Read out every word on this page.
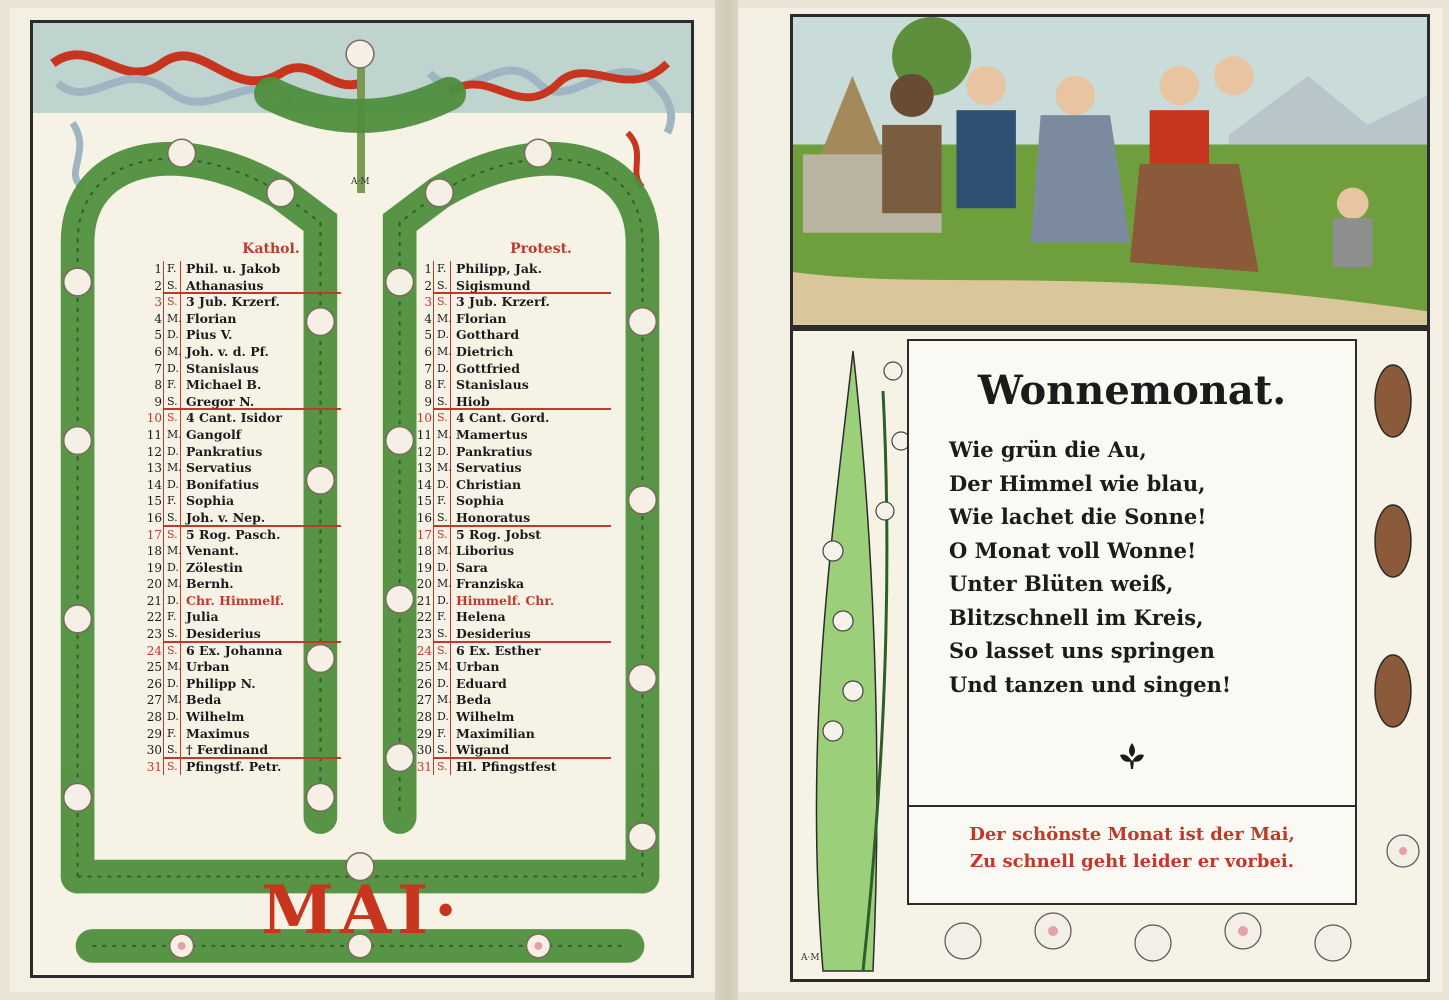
A·M
Kathol.
1 F. Phil. u. Jakob
2 S. Athanasius
3 S. 3 Jub. Krzerf.
4 M. Florian
5 D. Pius V.
6 M. Joh. v. d. Pf.
7 D. Stanislaus
8 F. Michael B.
9 S. Gregor N.
10 S. 4 Cant. Isidor
11 M. Gangolf
12 D. Pankratius
13 M. Servatius
14 D. Bonifatius
15 F. Sophia
16 S. Joh. v. Nep.
17 S. 5 Rog. Pasch.
18 M. Venant.
19 D. Zölestin
20 M. Bernh.
21 D. Chr. Himmelf.
22 F. Julia
23 S. Desiderius
24 S. 6 Ex. Johanna
25 M. Urban
26 D. Philipp N.
27 M. Beda
28 D. Wilhelm
29 F. Maximus
30 S. † Ferdinand
31 S. Pfingstf. Petr.
Protest.
1 F. Philipp, Jak.
2 S. Sigismund
3 S. 3 Jub. Krzerf.
4 M. Florian
5 D. Gotthard
6 M. Dietrich
7 D. Gottfried
8 F. Stanislaus
9 S. Hiob
10 S. 4 Cant. Gord.
11 M. Mamertus
12 D. Pankratius
13 M. Servatius
14 D. Christian
15 F. Sophia
16 S. Honoratus
17 S. 5 Rog. Jobst
18 M. Liborius
19 D. Sara
20 M. Franziska
21 D. Himmelf. Chr.
22 F. Helena
23 S. Desiderius
24 S. 6 Ex. Esther
25 M. Urban
26 D. Eduard
27 M. Beda
28 D. Wilhelm
29 F. Maximilian
30 S. Wigand
31 S. Hl. Pfingstfest
MAI·
Wonnemonat.
Wie grün die Au,
Der Himmel wie blau,
Wie lachet die Sonne!
O Monat voll Wonne!
Unter Blüten weiß,
Blitzschnell im Kreis,
So lasset uns springen
Und tanzen und singen!
Der schönste Monat ist der Mai,
Zu schnell geht leider er vorbei.
A·M
